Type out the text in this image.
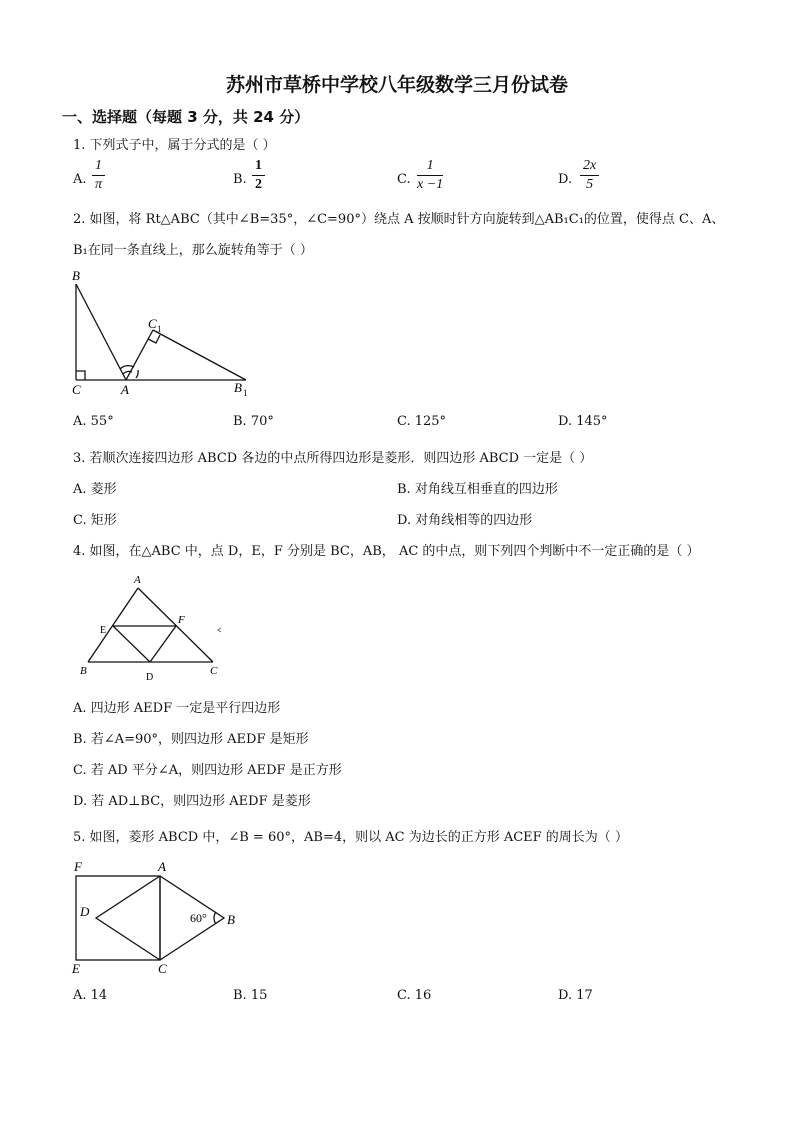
苏州市草桥中学校八年级数学三月份试卷
一、选择题（每题 3 分，共 24 分）
1. 下列式子中，属于分式的是（ ）
A. $\frac{1}{\pi}$	B. $\frac{1}{2}$	C. $\frac{1}{x -1}$	D. $\frac{2x}{5}$
2. 如图，将 Rt△ABC（其中∠B=35°，∠C=90°）绕点 A 按顺时针方向旋转到△AB₁C₁的位置，使得点 C、A、
B₁在同一条直线上，那么旋转角等于（ ）
B
C	A
C 1
B 1
A. 55°	B. 70°	C. 125°	D. 145°
3. 若顺次连接四边形 ABCD 各边的中点所得四边形是菱形．则四边形 ABCD 一定是（ ）
A. 菱形	B. 对角线互相垂直的四边形
C. 矩形	D. 对角线相等的四边形
4. 如图，在△ABC 中，点 D，E，F 分别是 BC，AB， AC 的中点，则下列四个判断中不一定正确的是（ ）
A
B	C
D
E
F
A. 四边形 AEDF 一定是平行四边形
B. 若∠A=90°，则四边形 AEDF 是矩形
C. 若 AD 平分∠A，则四边形 AEDF 是正方形
D. 若 AD⊥BC，则四边形 AEDF 是菱形
5. 如图，菱形 ABCD 中，∠B = 60°，AB=4，则以 AC 为边长的正方形 ACEF 的周长为（ ）
F	A
D
B
60°
E	C
A. 14	B. 15	C. 16	D. 17
